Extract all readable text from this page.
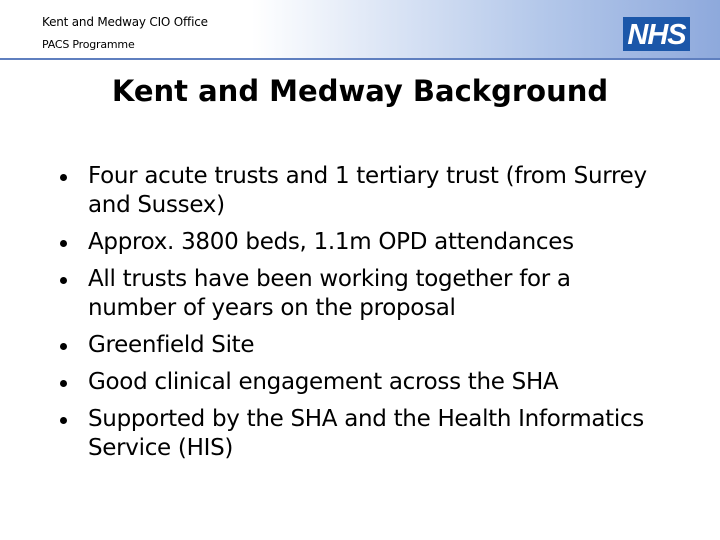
Kent and Medway CIO Office
PACS Programme	NHS
Kent and Medway Background
Four acute trusts and 1 tertiary trust (from Surrey and Sussex)
Approx. 3800 beds, 1.1m OPD attendances
All trusts have been working together for a number of years on the proposal
Greenfield Site
Good clinical engagement across the SHA
Supported by the SHA and the Health Informatics Service (HIS)
